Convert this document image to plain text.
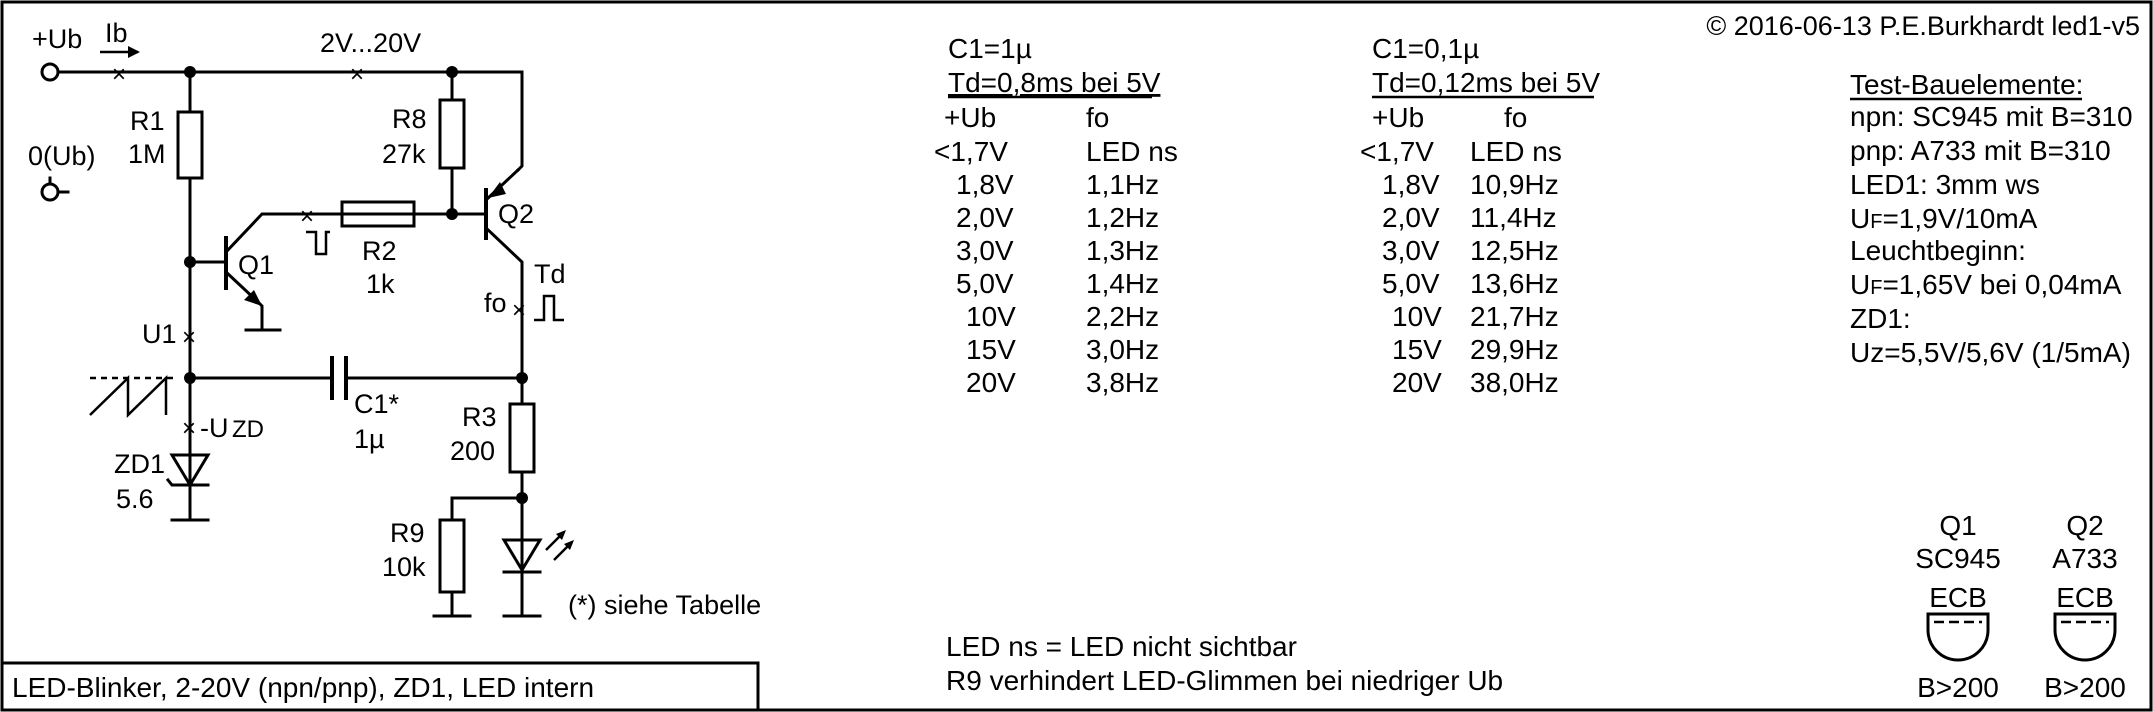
LED-Blinker, 2-20V (npn/pnp), ZD1, LED intern
© 2016-06-13 P.E.Burkhardt led1-v5
+Ub Ib	2V...20V
×	×
0(Ub)
R1
1M
Q1
×
R2
1k
R8
27k
Q2
Td
fo ×
U1 ×
C1*
1µ
× -U ZD
ZD1
5.6
R3
200
R9
10k
(*) siehe Tabelle
C1=1µ
Td=0,8ms bei 5V
+Ub	fo
<1,7V	LED ns
1,8V	1,1Hz
2,0V	1,2Hz
3,0V	1,3Hz
5,0V	1,4Hz
10V	2,2Hz
15V	3,0Hz
20V	3,8Hz
C1=0,1µ
Td=0,12ms bei 5V
+Ub	fo
<1,7V LED ns
1,8V 10,9Hz
2,0V 11,4Hz
3,0V 12,5Hz
5,0V 13,6Hz
10V 21,7Hz
15V 29,9Hz
20V 38,0Hz
LED ns = LED nicht sichtbar
R9 verhindert LED-Glimmen bei niedriger Ub
Test-Bauelemente:
npn: SC945 mit B=310
pnp: A733 mit B=310
LED1: 3mm ws
UF=1,9V/10mA
Leuchtbeginn:
UF=1,65V bei 0,04mA
ZD1:
Uz=5,5V/5,6V (1/5mA)
Q1
SC945
ECB
B>200
Q2
A733
ECB
B>200
